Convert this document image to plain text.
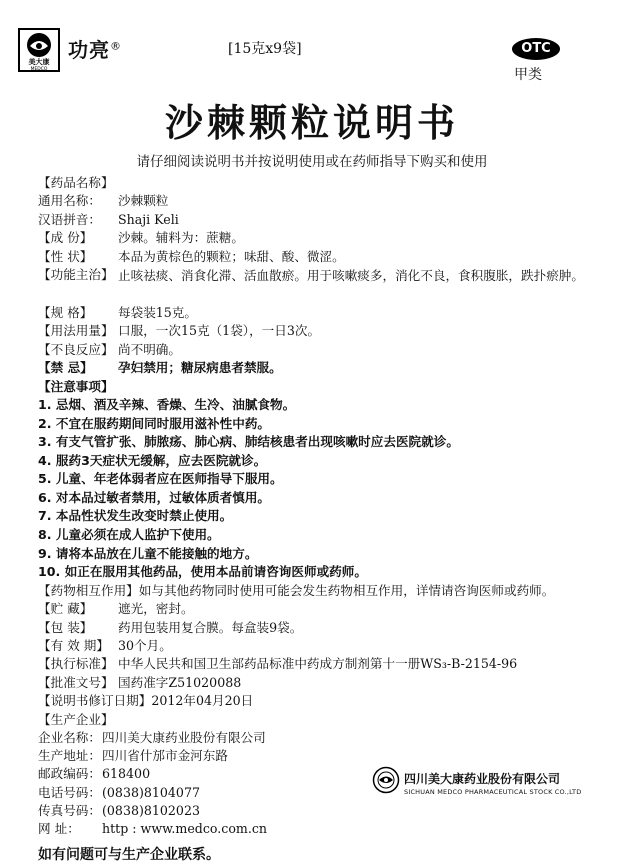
美大康
MEDCO
功亮®	[15克x9袋]	OTC
甲类
沙棘颗粒说明书
请仔细阅读说明书并按说明使用或在药师指导下购买和使用
【药品名称】
通用名称：	沙棘颗粒
汉语拼音：	Shaji Keli
【成 份】	沙棘。辅料为：蔗糖。
【性 状】	本品为黄棕色的颗粒；味甜、酸、微涩。
【功能主治】 止咳祛痰、消食化滞、活血散瘀。用于咳嗽痰多，消化不良，食积腹胀，跌扑瘀肿。
【规 格】	每袋装15克。
【用法用量】 口服，一次15克（1袋），一日3次。
【不良反应】 尚不明确。
【禁 忌】	孕妇禁用；糖尿病患者禁服。
【注意事项】
1. 忌烟、酒及辛辣、香燥、生冷、油腻食物。
2. 不宜在服药期间同时服用滋补性中药。
3. 有支气管扩张、肺脓疡、肺心病、肺结核患者出现咳嗽时应去医院就诊。
4. 服药3天症状无缓解，应去医院就诊。
5. 儿童、年老体弱者应在医师指导下服用。
6. 对本品过敏者禁用，过敏体质者慎用。
7. 本品性状发生改变时禁止使用。
8. 儿童必须在成人监护下使用。
9. 请将本品放在儿童不能接触的地方。
10. 如正在服用其他药品，使用本品前请咨询医师或药师。
【药物相互作用】 如与其他药物同时使用可能会发生药物相互作用，详情请咨询医师或药师。
【贮 藏】	遮光，密封。
【包 装】	药用包装用复合膜。每盒装9袋。
【有 效 期】 30个月。
【执行标准】 中华人民共和国卫生部药品标准中药成方制剂第十一册WS₃-B-2154-96
【批准文号】 国药准字Z51020088
【说明书修订日期】 2012年04月20日
【生产企业】
企业名称： 四川美大康药业股份有限公司
生产地址： 四川省什邡市金河东路
邮政编码： 618400
电话号码： (0838)8104077
传真号码： (0838)8102023
网 址：	http : www.medco.com.cn
如有问题可与生产企业联系。
四川美大康药业股份有限公司
SICHUAN MEDCO PHARMACEUTICAL STOCK CO.,LTD
